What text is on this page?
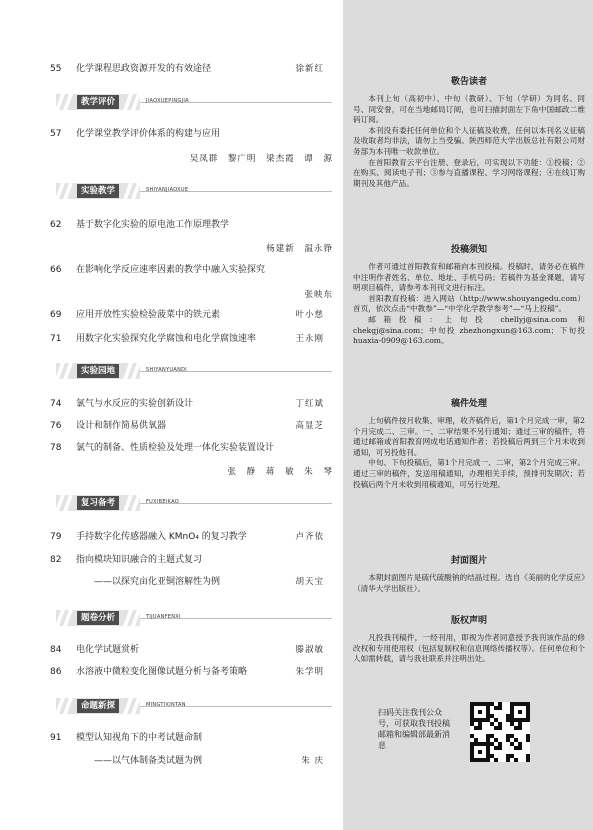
55	化学课程思政资源开发的有效途径	徐新红
教学评价	JIAOXUEPINGJIA
57	化学课堂教学评价体系的构建与应用
吴凤群 黎广明 梁杰霞 谭 源
实验教学	SHIYANJIAOXUE
62	基于数字化实验的原电池工作原理教学
杨建新 温永铮
66	在影响化学反应速率因素的教学中融入实验探究
张映东
69	应用开放性实验检验菠菜中的铁元素	叶小慈
71	用数字化实验探究化学腐蚀和电化学腐蚀速率	王永刚
实验园地	SHIYANYUANDI
74	氯气与水反应的实验创新设计	丁红斌
76	设计和制作简易供氧器	高显芝
78	氯气的制备、性质检验及处理一体化实验装置设计
张 静 蒋 敏 朱 琴
复习备考	FUXIBEIKAO
79	手持数字化传感器融入 KMnO₄ 的复习教学	卢齐依
82	指向模块知识融合的主题式复习
——以探究亩化亚铜溶解性为例	胡天宝
题卷分析	TIJUANFENXI
84	电化学试题赏析	滕淑敏
86	水溶液中微粒变化图像试题分析与备考策略	朱学明
命题新探	MINGTIXINTAN
91	模型认知视角下的中考试题命制
——以气体制备类试题为例	朱 庆
敬告读者

本刊上旬（高初中）、中旬（教研）、下旬（学研）为同名、同号、同安誉，可在当地邮局订阅，也可扫描封面左下角中国邮政二维码订阅。

本刊没有委托任何单位和个人征稿及收费，任何以本刊名义征稿及收取者均非法，请勿上当受骗。陕西师范大学出版总社有限公司财务部为本刊唯一收款单位。

在首阳教育云平台注册、登录后，可实现以下功能：①投稿；②在购买、阅读电子刊；③参与直播课程、学习网络课程；④在线订购期刊及其他产品。

投稿须知

作者可通过首阳教育和邮箱向本刊投稿。投稿时，请务必在稿件中注明作者姓名、单位、地址、手机号码；若稿件为基金课题，请写明项目稿件，请参考本刊刊文进行标注。

首阳教育投稿：进入网站（http://www.shouyangedu.com）首页，依次点击“中教参”—“中学化学教学参考”—“马上投稿”。

邮箱投稿：上旬投 chellyj@sina.com 和 chekgj@sina.com；中旬投 zhezhongxun@163.com；下旬投 huaxia-0909@163.com。

稿件处理

上旬稿件按月收集、审理，收齐稿件后，第1个月完成一审，第2个月完成二、三审。一、二审结果不另行通知；通过三审的稿件，将通过邮箱或首阳教育网成电话通知作者；若投稿后两到三个月未收到通知，可另投他刊。

中旬、下旬投稿后，第1个月完成一、二审，第2个月完成三审。通过三审的稿件，发送用稿通知，办理相关手续，预排刊发期次；若投稿后两个月未收到用稿通知，可另行处理。

封面图片

本期封面图片是硫代硫酸钠的结晶过程。选自《美丽的化学反应》（清华大学出版社）。

版权声明

凡投我刊稿件，一经刊用，即视为作者同意授予我刊该作品的修改权和专用使用权（包括复制权和信息网络传播权等）。任何单位和个人如需转载，请与我社联系并注明出处。

扫码关注我刊公众号，可获取我刊投稿邮箱和编辑部最新消息
